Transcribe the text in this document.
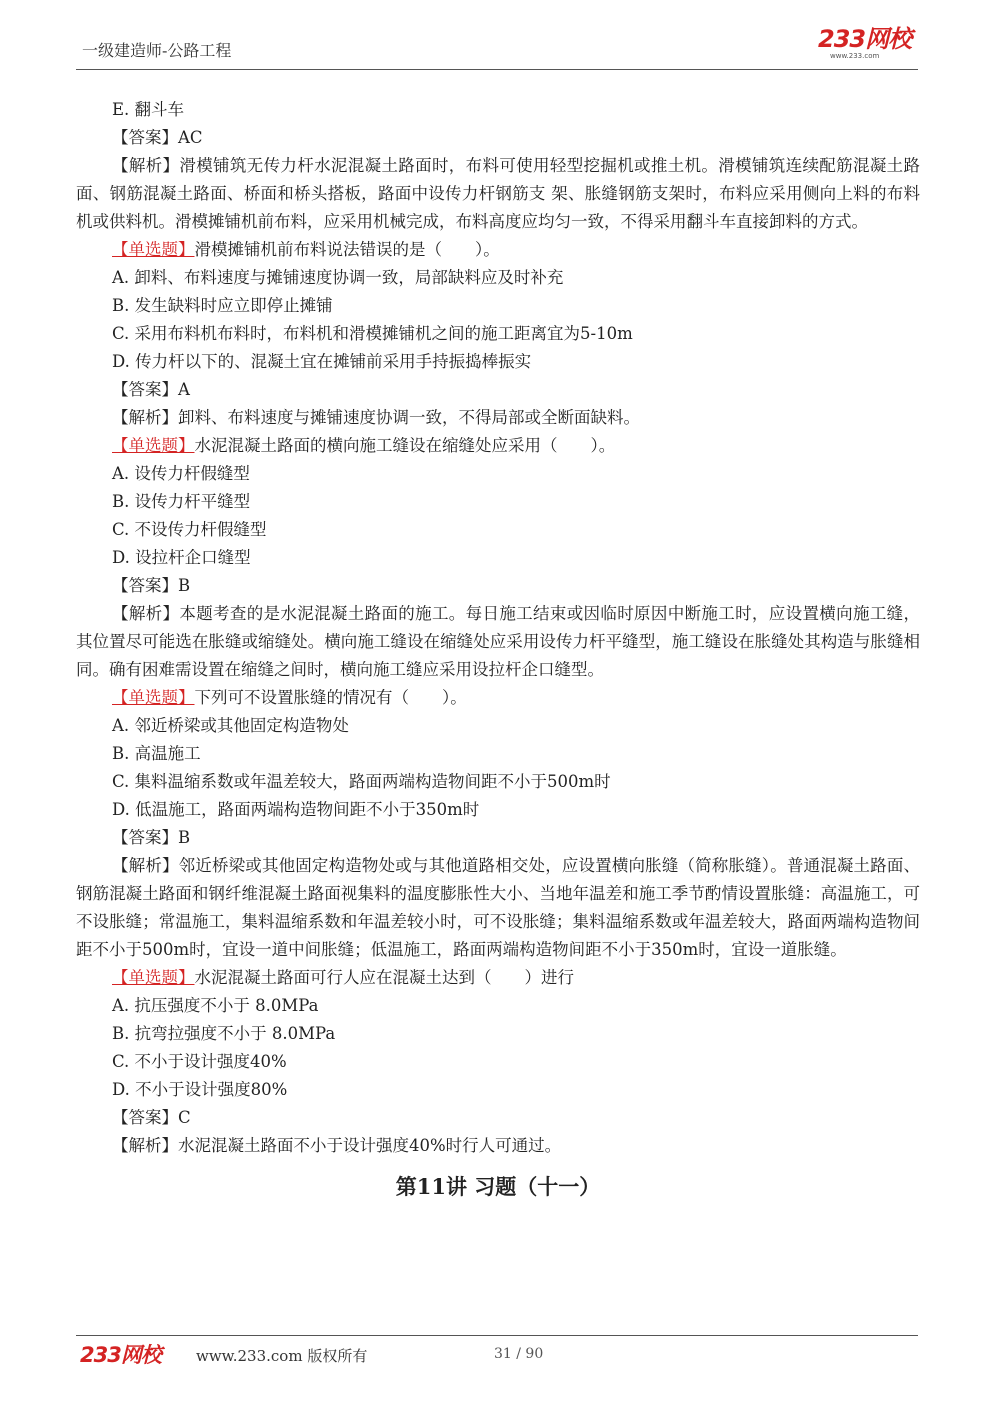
一级建造师-公路工程	233网校
www.233.com

E. 翻斗车

【答案】AC

【解析】滑模铺筑无传力杆水泥混凝土路面时，布料可使用轻型挖掘机或推土机。滑模铺筑连续配筋混凝土路面、钢筋混凝土路面、桥面和桥头搭板，路面中设传力杆钢筋支 架、胀缝钢筋支架时，布料应采用侧向上料的布料机或供料机。滑模摊铺机前布料，应采用机械完成，布料高度应均匀一致，不得采用翻斗车直接卸料的方式。

【单选题】滑模摊铺机前布料说法错误的是（　　）。

A. 卸料、布料速度与摊铺速度协调一致，局部缺料应及时补充

B. 发生缺料时应立即停止摊铺

C. 采用布料机布料时，布料机和滑模摊铺机之间的施工距离宜为5-10m

D. 传力杆以下的、混凝土宜在摊铺前采用手持振捣棒振实

【答案】A

【解析】卸料、布料速度与摊铺速度协调一致，不得局部或全断面缺料。

【单选题】水泥混凝土路面的横向施工缝设在缩缝处应采用（　　）。

A. 设传力杆假缝型

B. 设传力杆平缝型

C. 不设传力杆假缝型

D. 设拉杆企口缝型

【答案】B

【解析】本题考查的是水泥混凝土路面的施工。每日施工结束或因临时原因中断施工时，应设置横向施工缝，其位置尽可能选在胀缝或缩缝处。横向施工缝设在缩缝处应采用设传力杆平缝型，施工缝设在胀缝处其构造与胀缝相同。确有困难需设置在缩缝之间时，横向施工缝应采用设拉杆企口缝型。

【单选题】下列可不设置胀缝的情况有（　　）。

A. 邻近桥梁或其他固定构造物处

B. 高温施工

C. 集料温缩系数或年温差较大，路面两端构造物间距不小于500m时

D. 低温施工，路面两端构造物间距不小于350m时

【答案】B

【解析】邻近桥梁或其他固定构造物处或与其他道路相交处，应设置横向胀缝（简称胀缝）。普通混凝土路面、钢筋混凝土路面和钢纤维混凝土路面视集料的温度膨胀性大小、当地年温差和施工季节酌情设置胀缝：高温施工，可不设胀缝；常温施工，集料温缩系数和年温差较小时，可不设胀缝；集料温缩系数或年温差较大，路面两端构造物间距不小于500m时，宜设一道中间胀缝；低温施工，路面两端构造物间距不小于350m时，宜设一道胀缝。

【单选题】水泥混凝土路面可行人应在混凝土达到（　　）进行

A. 抗压强度不小于 8.0MPa

B. 抗弯拉强度不小于 8.0MPa

C. 不小于设计强度40%

D. 不小于设计强度80%

【答案】C

【解析】水泥混凝土路面不小于设计强度40%时行人可通过。

第11讲 习题（十一）

233网校 www.233.com 版权所有	31 / 90
